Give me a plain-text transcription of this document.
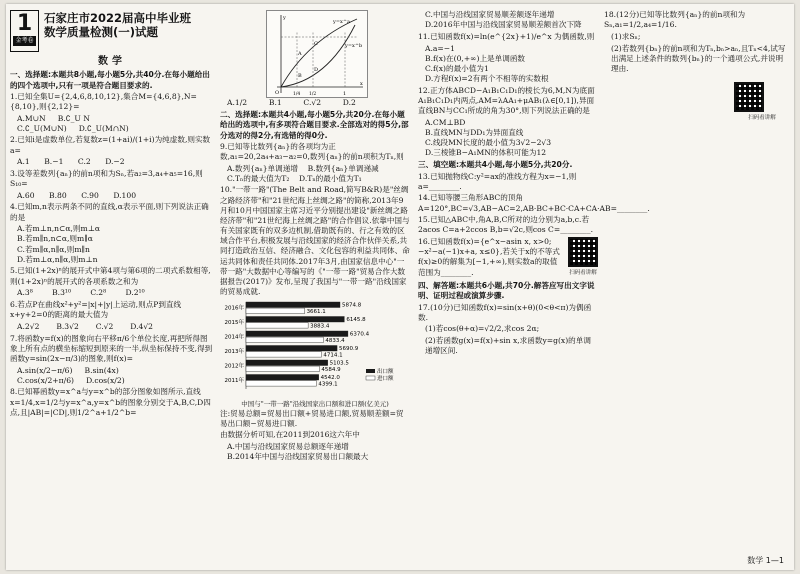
1
金考卷
石家庄市2022届高中毕业班
数学质量检测(一)试题
数学
一、选择题:本题共8小题,每小题5分,共40分.在每小题给出的四个选项中,只有一项是符合题目要求的.
1.已知全集U={2,4,6,8,10,12},集合M={4,6,8},N={8,10},则{2,12}=
A.M∪N B.∁_U N
C.∁_U(M∪N) D.∁_U(M∩N)
2.已知i是虚数单位,若复数z=(1+ai)/(1+i)为纯虚数,则实数a=
A.1 B.−1 C.2 D.−2
3.设等差数列{aₙ}的前n项和为Sₙ,若a₂=3,a₄+a₅=16,则S₁₀=
A.60 B.80 C.90 D.100
4.已知m,n表示两条不同的直线,α表示平面,则下列说法正确的是
A.若m⊥n,n⊂α,则m⊥α
B.若m∥n,n⊂α,则m∥α
C.若m∥α,n∥α,则m∥n
D.若m⊥α,n∥α,则m⊥n
5.已知(1+2x)ⁿ的展开式中第4项与第6项的二项式系数相等,则(1+2x)ⁿ的展开式的各项系数之和为
A.3⁸	B.3¹⁰	C.2⁸	D.2¹⁰
6.若点P在曲线x²+y²=|x|+|y|上运动,则点P到直线x+y+2=0的距离的最大值为
A.2√2 B.3√2 C.√2 D.4√2
7.将函数y=f(x)的图象向右平移π/6个单位长度,再把所得图象上所有点的横坐标缩短到原来的一半,纵坐标保持不变,得到函数y=sin(2x−π/3)的图象,则f(x)=
A.sin(x/2−π/6) B.sin(4x)
C.cos(x/2+π/6) D.cos(x/2)
8.已知幂函数y=x^a与y=x^b的部分图象如图所示,直线x=1/4,x=1/2与y=x^a,y=x^b的图象分别交于A,B,C,D四点,且|AB|=|CD|,则1/2^a+1/2^b=
y=x^a
y=x^b
A
B
C
D
O	1/4 1/2	1
x
y
A.1/2	B.1	C.√2	D.2
二、选择题:本题共4小题,每小题5分,共20分.在每小题给出的选项中,有多项符合题目要求.全部选对的得5分,部分选对的得2分,有选错的得0分.
9.已知等比数列{aₙ}的各项均为正数,a₁=20,2a₄+a₃−a₂=0,数列{aₙ}的前n项积为Tₙ,则
A.数列{aₙ}单调递增 B.数列{aₙ}单调递减
C.Tₙ的最大值为T₂ D.Tₙ的最小值为T₁
10."一带一路"(The Belt and Road,简写B&R)是"丝绸之路经济带"和"21世纪海上丝绸之路"的简称,2013年9月和10月中国国家主席习近平分别提出建设"新丝绸之路经济带"和"21世纪海上丝绸之路"的合作倡议.依靠中国与有关国家既有的双多边机制,借助既有的、行之有效的区域合作平台,积极发展与沿线国家的经济合作伙伴关系,共同打造政治互信、经济融合、文化包容的利益共同体、命运共同体和责任共同体.2017年3月,由国家信息中心"一带一路"大数据中心等编写的《"一带一路"贸易合作大数据报告(2017)》发布,呈现了我国与"一带一路"沿线国家的贸易成就.
2016年	5874.8
3661.1
2015年	6145.8
3883.4
2014年	6370.4
4833.4
2013年	5690.9
4714.1
2012年	5103.5
4584.9
2011年	4542.0
4399.1
出口额
进口额
中国与"一带一路"沿线国家出口额和进口额(亿美元)
注:贸易总额=贸易出口额+贸易进口额,贸易顺差额=贸易出口额−贸易进口额.
由数据分析可知,在2011到2016这六年中
A.中国与沿线国家贸易总额逐年递增
B.2014年中国与沿线国家贸易出口额最大
C.中国与沿线国家贸易顺差额逐年递增
D.2016年中国与沿线国家贸易顺差额首次下降
11.已知函数f(x)=ln(e^{2x}+1)/e^x 为偶函数,则
A.a=−1
B.f(x)在(0,+∞)上是单调函数
C.f(x)的最小值为1
D.方程f(x)=2有两个不相等的实数根
12.正方体ABCD−A₁B₁C₁D₁的棱长为6,M,N为底面A₁B₁C₁D₁内两点,AM=λAA₁+μAB₁(λ∈[0,1]),异面直线BN与CC₁所成的角为30°,则下列说法正确的是
A.CM⊥BD
B.直线MN与DD₁为异面直线
C.线段MN长度的最小值为3√2−2√3
D.三棱锥B−A₁MN的体积可能为12
三、填空题:本题共4小题,每小题5分,共20分.
13.已知抛物线C:y²=ax的准线方程为x=−1,则a=________.
14.已知等腰三角形ABC的顶角A=120°,BC=√3,AB−AC=2,AB·BC+BC·CA+CA·AB=________.
15.已知△ABC中,角A,B,C所对的边分别为a,b,c.若2acos C=a+2ccos B,b=√2c,则cos C=________.
16.已知函数f(x)={e^x−asin x, x>0; −x²−a(−1)x+a, x≤0},若关于x的不等式f(x)≥0的解集为[−1,+∞),则实数a的取值范围为________.	扫码看讲解
四、解答题:本题共6小题,共70分.解答应写出文字说明、证明过程或演算步骤.
17.(10分)已知函数f(x)=sin(x+θ)(0<θ<π)为偶函数.
(1)若cos(θ+α)=√2/2,求cos 2α;
(2)若函数g(x)=f(x)+sin x,求函数y=g(x)的单调递增区间.
18.(12分)已知等比数列{aₙ}的前n项和为Sₙ,a₁=1/2,a₄=1/16.
(1)求Sₙ;
(2)若数列{bₙ}的前n项和为Tₙ,bₙ>aₙ,且Tₙ<4,试写出满足上述条件的数列{bₙ}的一个通项公式,并说明理由.
扫码看讲解
数学 1—1
